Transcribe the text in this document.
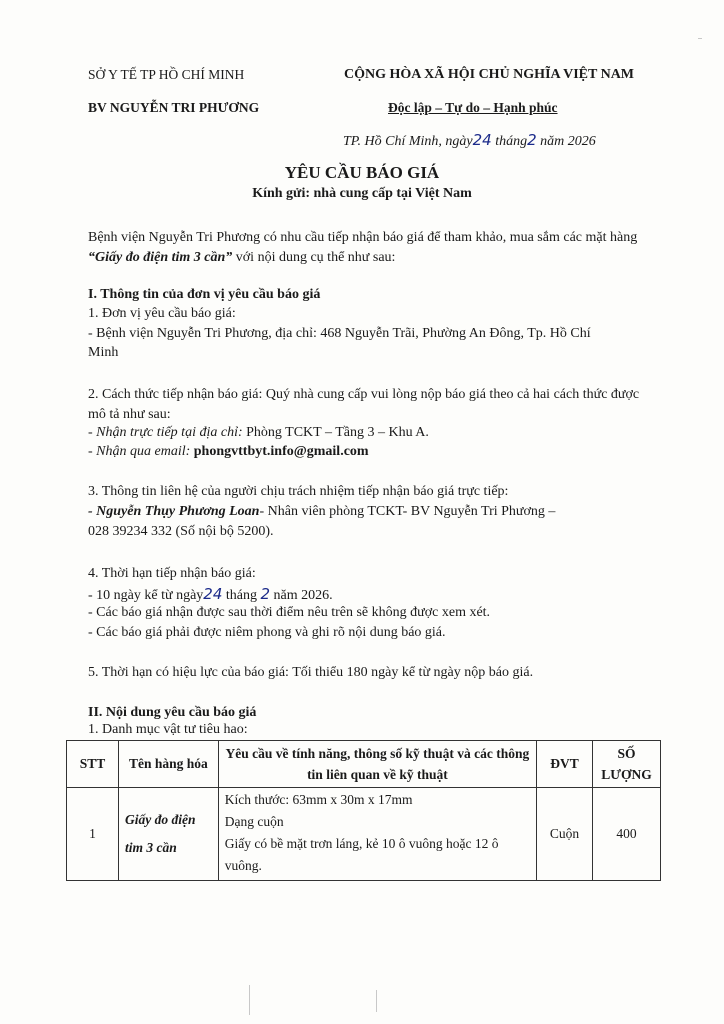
SỞ Y TẾ TP HỒ CHÍ MINH
BV NGUYỄN TRI PHƯƠNG
CỘNG HÒA XÃ HỘI CHỦ NGHĨA VIỆT NAM
Độc lập – Tự do – Hạnh phúc
TP. Hồ Chí Minh, ngày24 tháng2 năm 2026
YÊU CẦU BÁO GIÁ
Kính gửi: nhà cung cấp tại Việt Nam
Bệnh viện Nguyễn Tri Phương có nhu cầu tiếp nhận báo giá để tham khảo, mua sắm các mặt hàng “Giấy đo điện tim 3 cần” với nội dung cụ thể như sau:
I. Thông tin của đơn vị yêu cầu báo giá
1. Đơn vị yêu cầu báo giá:
- Bệnh viện Nguyễn Tri Phương, địa chỉ: 468 Nguyễn Trãi, Phường An Đông, Tp. Hồ Chí
Minh
2. Cách thức tiếp nhận báo giá: Quý nhà cung cấp vui lòng nộp báo giá theo cả hai cách thức được mô tả như sau:
- Nhận trực tiếp tại địa chỉ: Phòng TCKT – Tầng 3 – Khu A.
- Nhận qua email: phongvttbyt.info@gmail.com
3. Thông tin liên hệ của người chịu trách nhiệm tiếp nhận báo giá trực tiếp:
- Nguyễn Thụy Phương Loan- Nhân viên phòng TCKT- BV Nguyễn Tri Phương –
028 39234 332 (Số nội bộ 5200).
4. Thời hạn tiếp nhận báo giá:
- 10 ngày kể từ ngày24 tháng 2 năm 2026.
- Các báo giá nhận được sau thời điểm nêu trên sẽ không được xem xét.
- Các báo giá phải được niêm phong và ghi rõ nội dung báo giá.
5. Thời hạn có hiệu lực của báo giá: Tối thiểu 180 ngày kể từ ngày nộp báo giá.
II. Nội dung yêu cầu báo giá
1. Danh mục vật tư tiêu hao:
STT	Tên hàng hóa	Yêu cầu về tính năng, thông số kỹ thuật và các thông tin liên quan về kỹ thuật	ĐVT	SỐ LƯỢNG
1	Giấy đo điện tim 3 cần	Kích thước: 63mm x 30m x 17mm
Dạng cuộn
Giấy có bề mặt trơn láng, kẻ 10 ô vuông hoặc 12 ô vuông.	Cuộn	400
